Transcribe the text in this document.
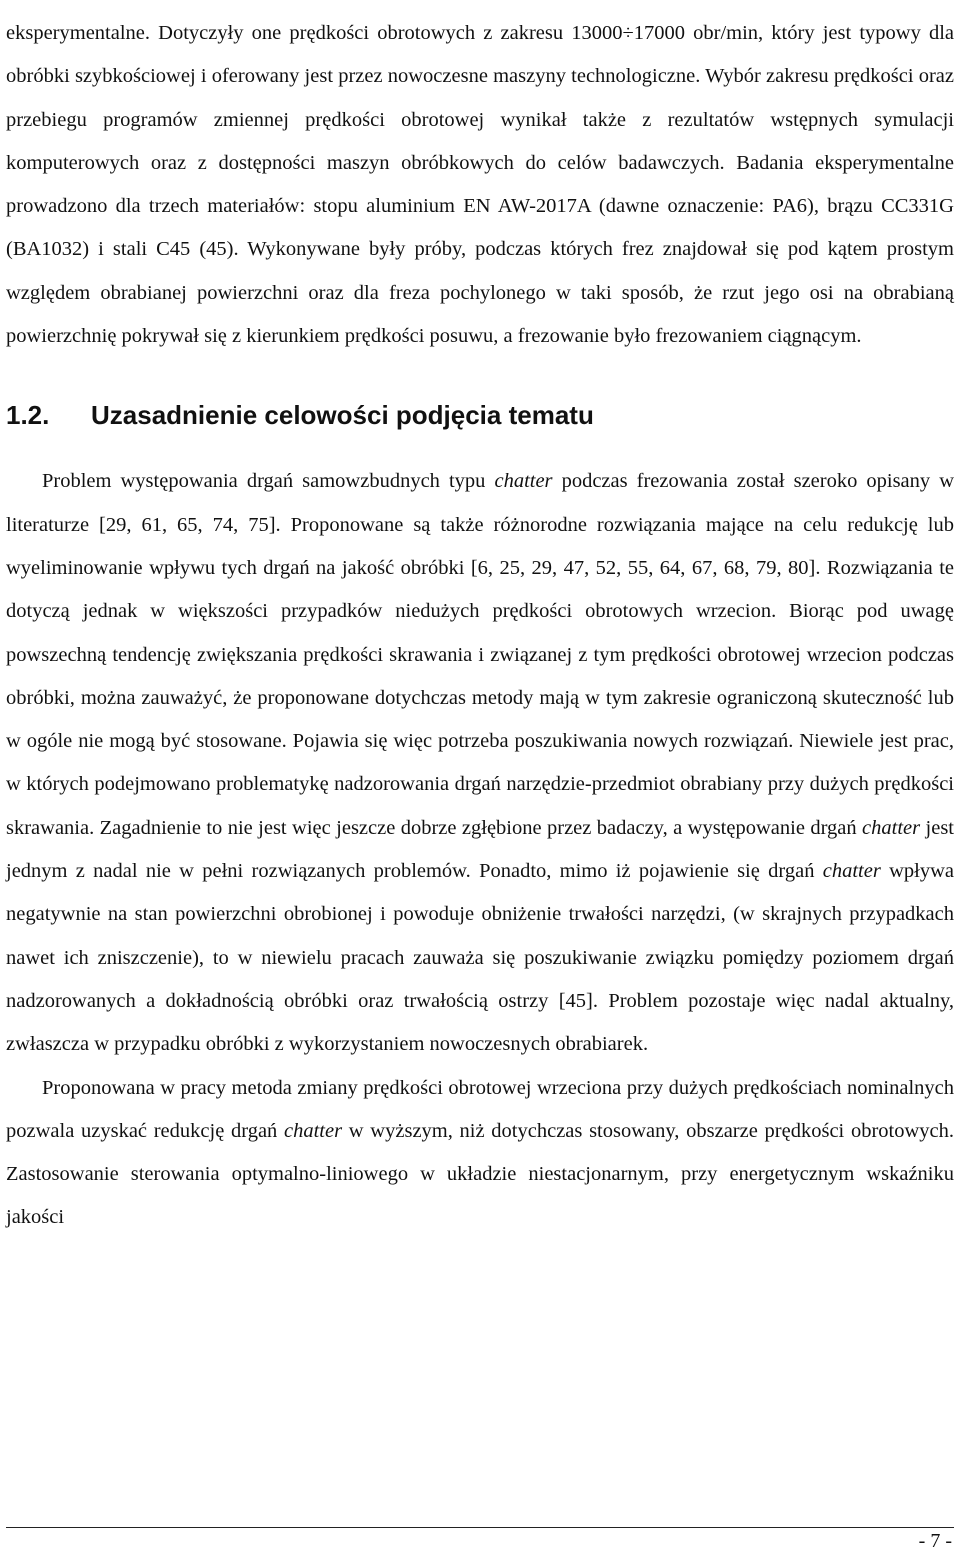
eksperymentalne. Dotyczyły one prędkości obrotowych z zakresu 13000÷17000 obr/min, który jest typowy dla obróbki szybkościowej i oferowany jest przez nowoczesne maszyny technologiczne. Wybór zakresu prędkości oraz przebiegu programów zmiennej prędkości obrotowej wynikał także z rezultatów wstępnych symulacji komputerowych oraz z dostępności maszyn obróbkowych do celów badawczych. Badania eksperymentalne prowadzono dla trzech materiałów: stopu aluminium EN AW-2017A (dawne oznaczenie: PA6), brązu CC331G (BA1032) i stali C45 (45). Wykonywane były próby, podczas których frez znajdował się pod kątem prostym względem obrabianej powierzchni oraz dla freza pochylonego w taki sposób, że rzut jego osi na obrabianą powierzchnię pokrywał się z kierunkiem prędkości posuwu, a frezowanie było frezowaniem ciągnącym.

1.2.	Uzasadnienie celowości podjęcia tematu

Problem występowania drgań samowzbudnych typu chatter podczas frezowania został szeroko opisany w literaturze [29, 61, 65, 74, 75]. Proponowane są także różnorodne rozwiązania mające na celu redukcję lub wyeliminowanie wpływu tych drgań na jakość obróbki [6, 25, 29, 47, 52, 55, 64, 67, 68, 79, 80]. Rozwiązania te dotyczą jednak w większości przypadków niedużych prędkości obrotowych wrzecion. Biorąc pod uwagę powszechną tendencję zwiększania prędkości skrawania i związanej z tym prędkości obrotowej wrzecion podczas obróbki, można zauważyć, że proponowane dotychczas metody mają w tym zakresie ograniczoną skuteczność lub w ogóle nie mogą być stosowane. Pojawia się więc potrzeba poszukiwania nowych rozwiązań. Niewiele jest prac, w których podejmowano problematykę nadzorowania drgań narzędzie-przedmiot obrabiany przy dużych prędkości skrawania. Zagadnienie to nie jest więc jeszcze dobrze zgłębione przez badaczy, a występowanie drgań chatter jest jednym z nadal nie w pełni rozwiązanych problemów. Ponadto, mimo iż pojawienie się drgań chatter wpływa negatywnie na stan powierzchni obrobionej i powoduje obniżenie trwałości narzędzi, (w skrajnych przypadkach nawet ich zniszczenie), to w niewielu pracach zauważa się poszukiwanie związku pomiędzy poziomem drgań nadzorowanych a dokładnością obróbki oraz trwałością ostrzy [45]. Problem pozostaje więc nadal aktualny, zwłaszcza w przypadku obróbki z wykorzystaniem nowoczesnych obrabiarek.

Proponowana w pracy metoda zmiany prędkości obrotowej wrzeciona przy dużych prędkościach nominalnych pozwala uzyskać redukcję drgań chatter w wyższym, niż dotychczas stosowany, obszarze prędkości obrotowych. Zastosowanie sterowania optymalno-liniowego w układzie niestacjonarnym, przy energetycznym wskaźniku jakości

- 7 -
